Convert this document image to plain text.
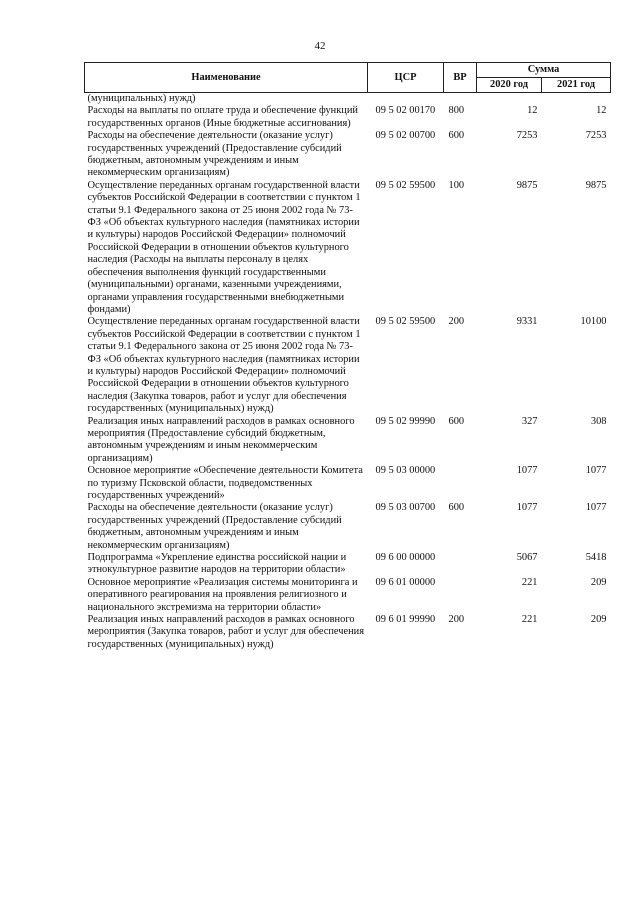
42
Наименование	ЦСР	ВР	Сумма	
			2020 год	2021 год
(муниципальных) нужд)				
Расходы на выплаты по оплате труда и обеспечение функций государственных органов (Иные бюджетные ассигнования)	09 5 02 00170	800	12	12
Расходы на обеспечение деятельности (оказание услуг) государственных учреждений (Предоставление субсидий бюджетным, автономным учреждениям и иным некоммерческим организациям)	09 5 02 00700	600	7253	7253
Осуществление переданных органам государственной власти субъектов Российской Федерации в соответствии с пунктом 1 статьи 9.1 Федерального закона от 25 июня 2002 года № 73-ФЗ «Об объектах культурного наследия (памятниках истории и культуры) народов Российской Федерации» полномочий Российской Федерации в отношении объектов культурного наследия (Расходы на выплаты персоналу в целях обеспечения выполнения функций государственными (муниципальными) органами, казенными учреждениями, органами управления государственными внебюджетными фондами)	09 5 02 59500	100	9875	9875
Осуществление переданных органам государственной власти субъектов Российской Федерации в соответствии с пунктом 1 статьи 9.1 Федерального закона от 25 июня 2002 года № 73-ФЗ «Об объектах культурного наследия (памятниках истории и культуры) народов Российской Федерации» полномочий Российской Федерации в отношении объектов культурного наследия (Закупка товаров, работ и услуг для обеспечения государственных (муниципальных) нужд)	09 5 02 59500	200	9331	10100
Реализация иных направлений расходов в рамках основного мероприятия (Предоставление субсидий бюджетным, автономным учреждениям и иным некоммерческим организациям)	09 5 02 99990	600	327	308
Основное мероприятие «Обеспечение деятельности Комитета по туризму Псковской области, подведомственных государственных учреждений»	09 5 03 00000		1077	1077
Расходы на обеспечение деятельности (оказание услуг) государственных учреждений (Предоставление субсидий бюджетным, автономным учреждениям и иным некоммерческим организациям)	09 5 03 00700	600	1077	1077
Подпрограмма «Укрепление единства российской нации и этнокультурное развитие народов на территории области»	09 6 00 00000		5067	5418
Основное мероприятие «Реализация системы мониторинга и оперативного реагирования на проявления религиозного и национального экстремизма на территории области»	09 6 01 00000		221	209
Реализация иных направлений расходов в рамках основного мероприятия (Закупка товаров, работ и услуг для обеспечения государственных (муниципальных) нужд)	09 6 01 99990	200	221	209
